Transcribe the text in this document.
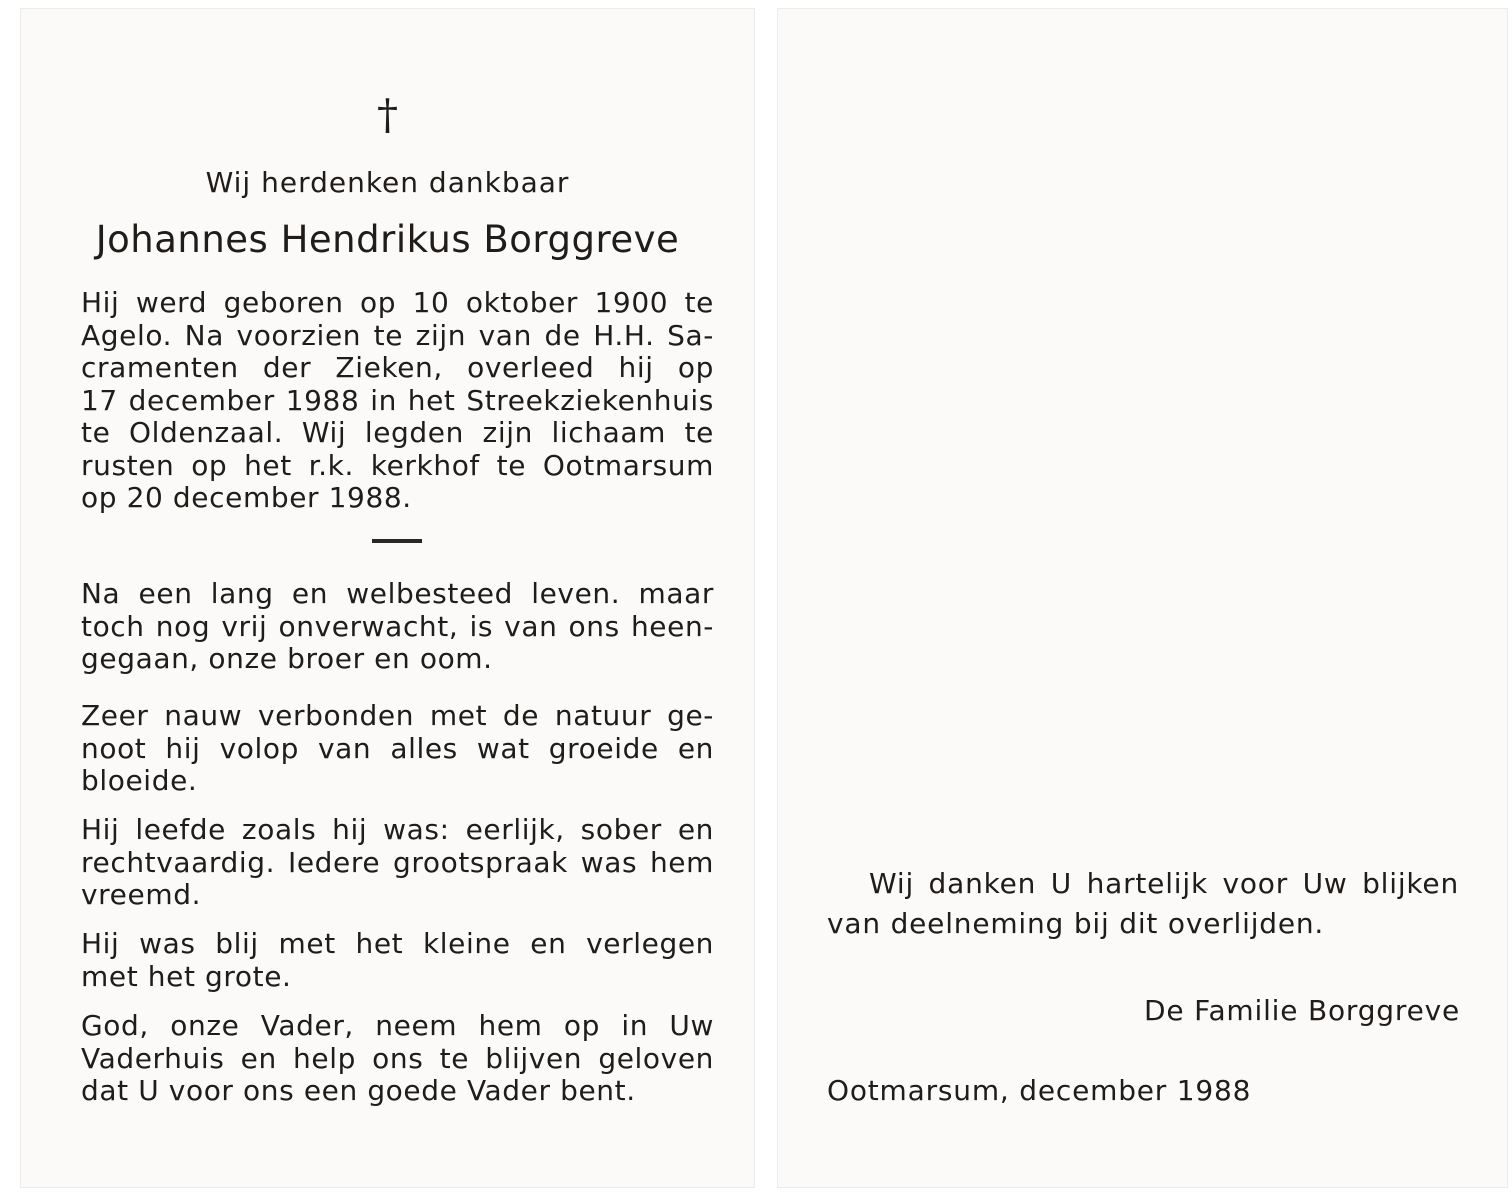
†
Wij herdenken dankbaar
Johannes Hendrikus Borggreve
Hij werd geboren op 10 oktober 1900 te
Agelo. Na voorzien te zijn van de H.H. Sa-
cramenten der Zieken, overleed hij op
17 december 1988 in het Streekziekenhuis
te Oldenzaal. Wij legden zijn lichaam te
rusten op het r.k. kerkhof te Ootmarsum
op 20 december 1988.
Na een lang en welbesteed leven. maar
toch nog vrij onverwacht, is van ons heen-
gegaan, onze broer en oom.
Zeer nauw verbonden met de natuur ge-
noot hij volop van alles wat groeide en
bloeide.
Hij leefde zoals hij was: eerlijk, sober en
rechtvaardig. Iedere grootspraak was hem
vreemd.
Hij was blij met het kleine en verlegen
met het grote.
God, onze Vader, neem hem op in Uw
Vaderhuis en help ons te blijven geloven
dat U voor ons een goede Vader bent.
Wij danken U hartelijk voor Uw blijken
van deelneming bij dit overlijden.
De Familie Borggreve
Ootmarsum, december 1988
